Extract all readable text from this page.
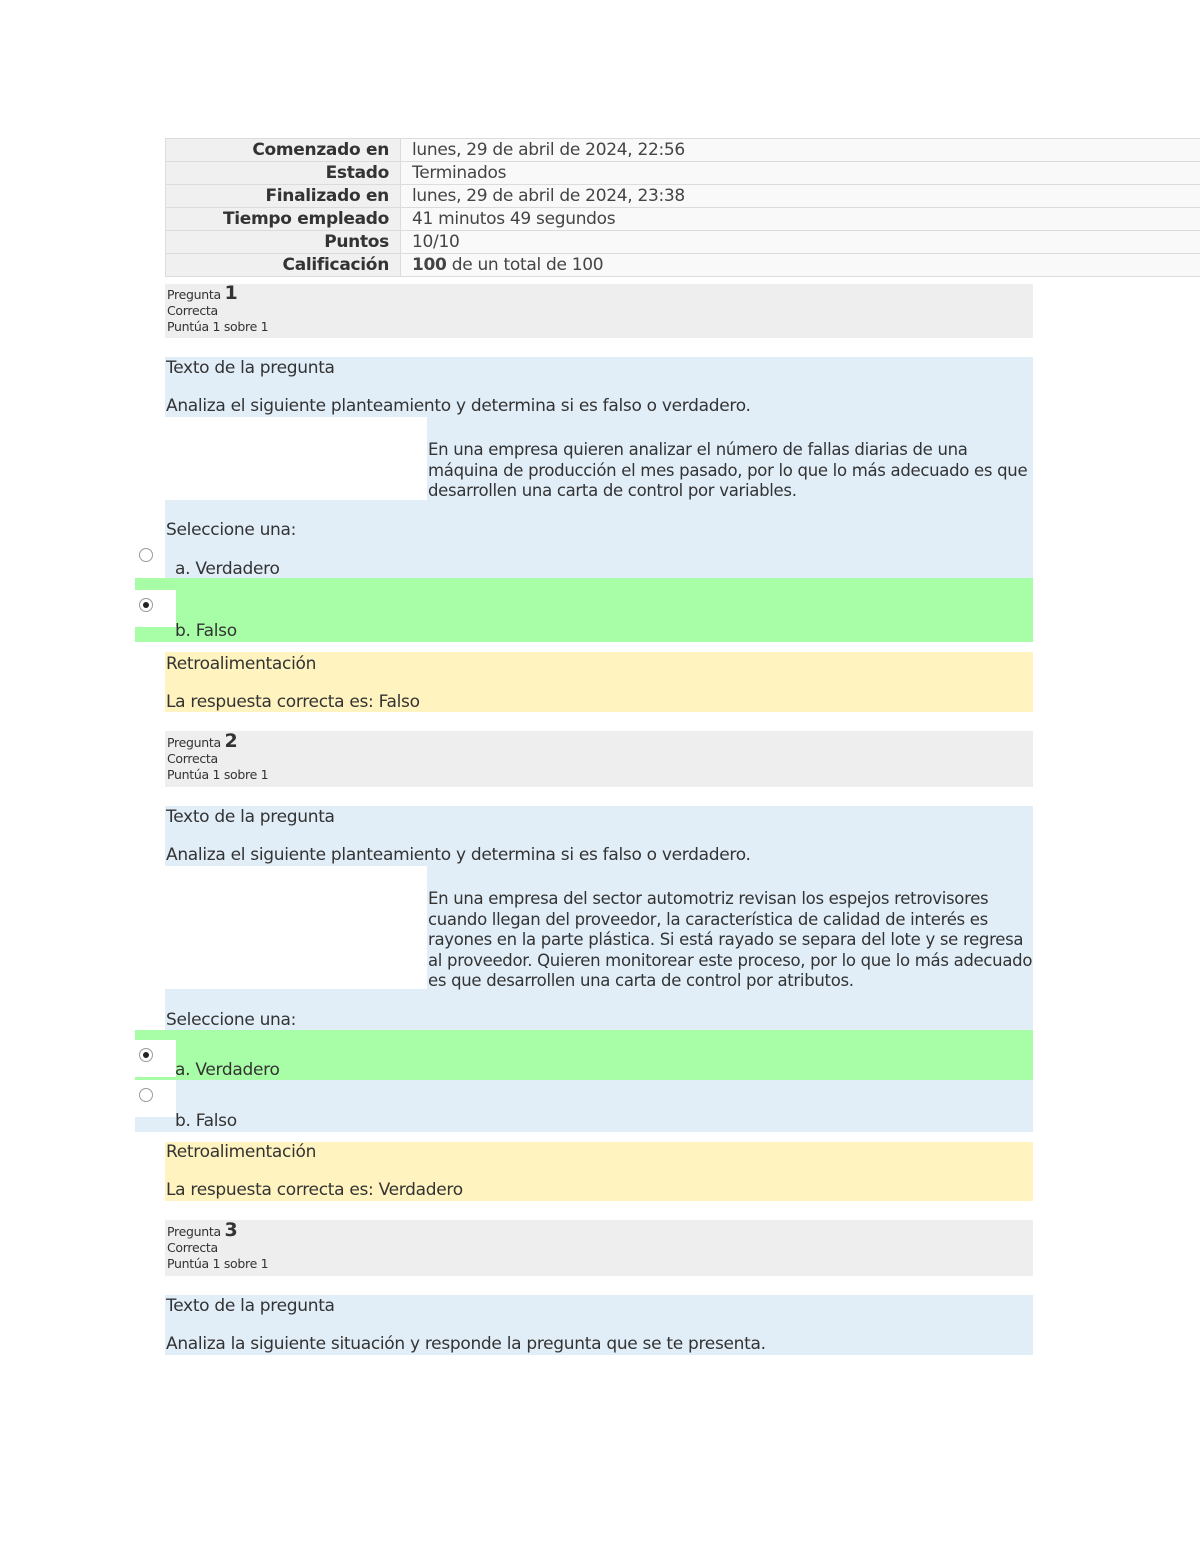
Comenzado en	lunes, 29 de abril de 2024, 22:56
Estado	Terminados
Finalizado en	lunes, 29 de abril de 2024, 23:38
Tiempo empleado	41 minutos 49 segundos
Puntos	10/10
Calificación	100 de un total de 100
Pregunta 1
Correcta
Puntúa 1 sobre 1
Texto de la pregunta
Analiza el siguiente planteamiento y determina si es falso o verdadero.
En una empresa quieren analizar el número de fallas diarias de una máquina de producción el mes pasado, por lo que lo más adecuado es que desarrollen una carta de control por variables.
Seleccione una:
a. Verdadero
b. Falso
Retroalimentación
La respuesta correcta es: Falso
Pregunta 2
Correcta
Puntúa 1 sobre 1
Texto de la pregunta
Analiza el siguiente planteamiento y determina si es falso o verdadero.
En una empresa del sector automotriz revisan los espejos retrovisores cuando llegan del proveedor, la característica de calidad de interés es rayones en la parte plástica. Si está rayado se separa del lote y se regresa al proveedor. Quieren monitorear este proceso, por lo que lo más adecuado es que desarrollen una carta de control por atributos.
Seleccione una:
a. Verdadero
b. Falso
Retroalimentación
La respuesta correcta es: Verdadero
Pregunta 3
Correcta
Puntúa 1 sobre 1
Texto de la pregunta
Analiza la siguiente situación y responde la pregunta que se te presenta.
